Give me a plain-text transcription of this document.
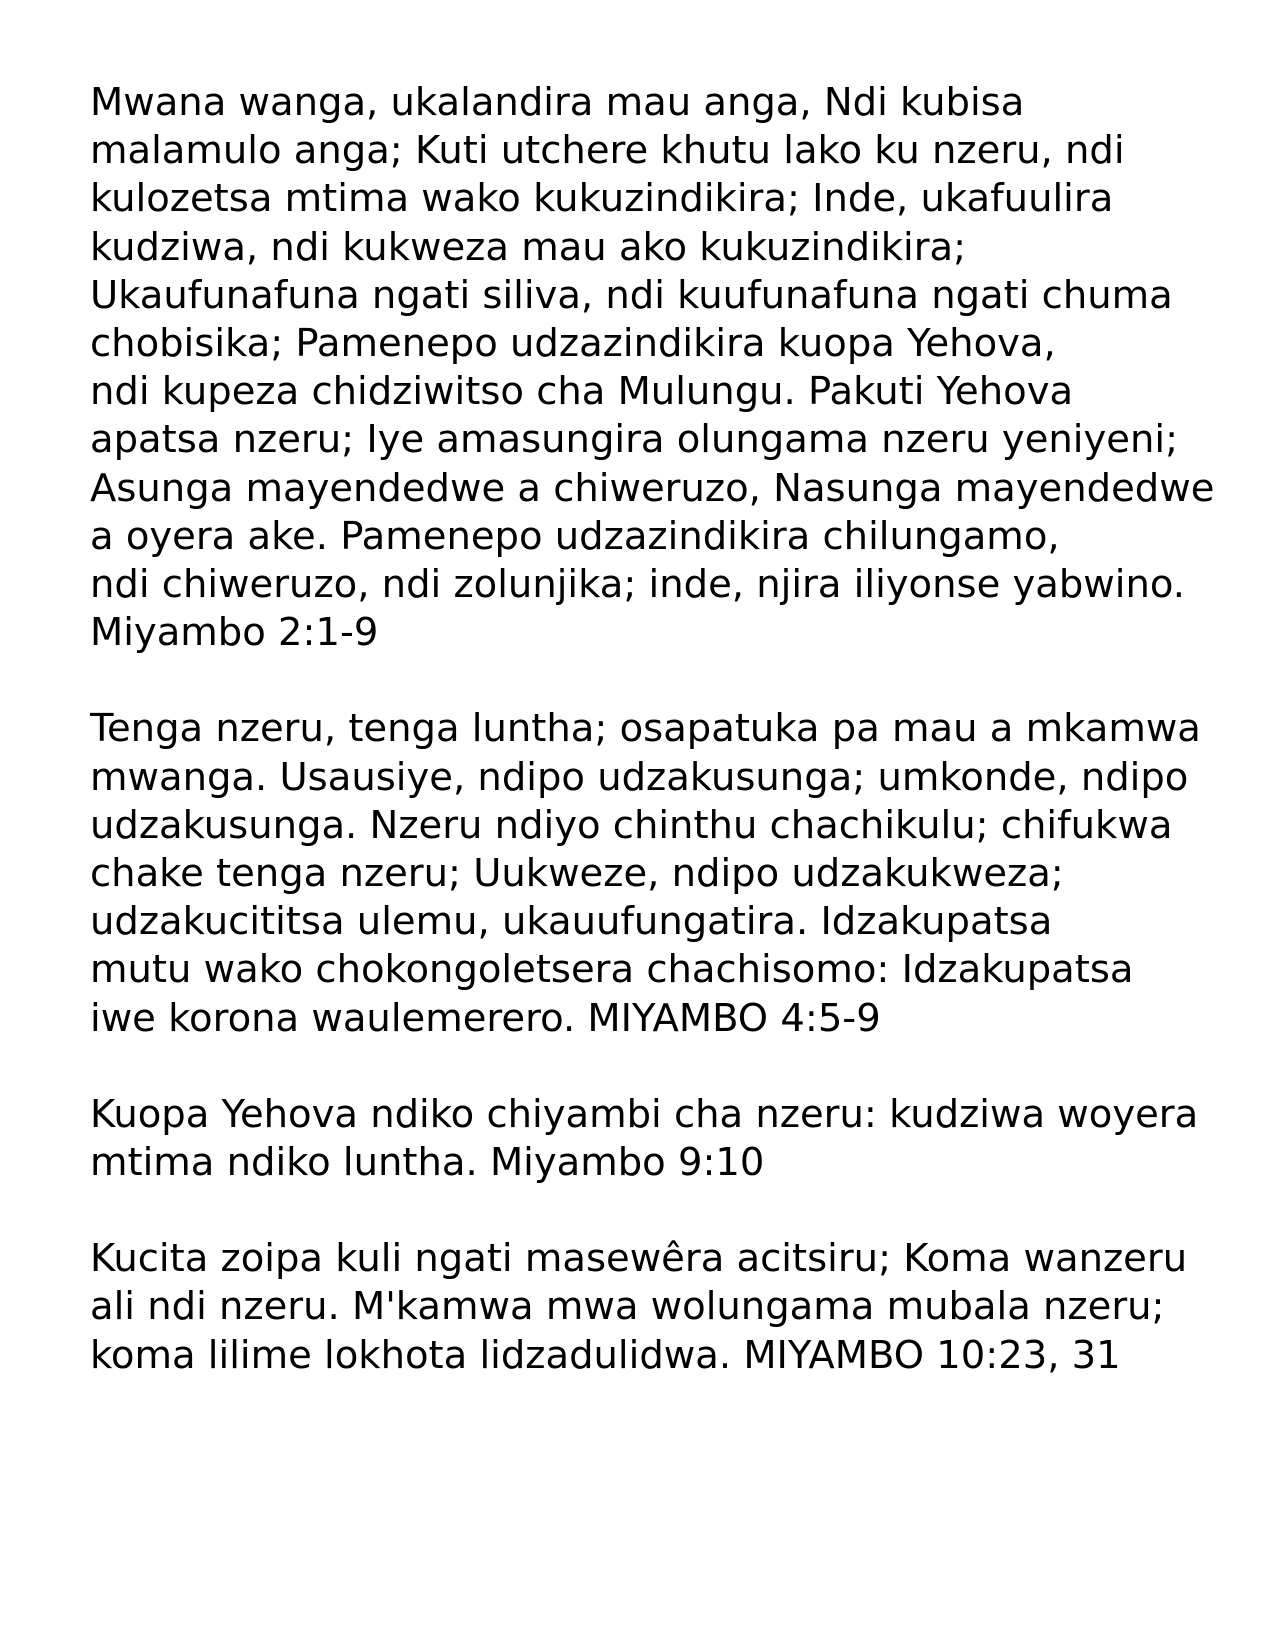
Mwana wanga, ukalandira mau anga, Ndi kubisa
malamulo anga; Kuti utchere khutu lako ku nzeru, ndi
kulozetsa mtima wako kukuzindikira; Inde, ukafuulira
kudziwa, ndi kukweza mau ako kukuzindikira;
Ukaufunafuna ngati siliva, ndi kuufunafuna ngati chuma
chobisika; Pamenepo udzazindikira kuopa Yehova,
ndi kupeza chidziwitso cha Mulungu. Pakuti Yehova
apatsa nzeru; Iye amasungira olungama nzeru yeniyeni;
Asunga mayendedwe a chiweruzo, Nasunga mayendedwe
a oyera ake. Pamenepo udzazindikira chilungamo,
ndi chiweruzo, ndi zolunjika; inde, njira iliyonse yabwino.
Miyambo 2:1-9
Tenga nzeru, tenga luntha; osapatuka pa mau a mkamwa
mwanga. Usausiye, ndipo udzakusunga; umkonde, ndipo
udzakusunga. Nzeru ndiyo chinthu chachikulu; chifukwa
chake tenga nzeru; Uukweze, ndipo udzakukweza;
udzakucititsa ulemu, ukauufungatira. Idzakupatsa
mutu wako chokongoletsera chachisomo: Idzakupatsa
iwe korona waulemerero. MIYAMBO 4:5-9
Kuopa Yehova ndiko chiyambi cha nzeru: kudziwa woyera
mtima ndiko luntha. Miyambo 9:10
Kucita zoipa kuli ngati masewêra acitsiru; Koma wanzeru
ali ndi nzeru. M'kamwa mwa wolungama mubala nzeru;
koma lilime lokhota lidzadulidwa. MIYAMBO 10:23, 31
